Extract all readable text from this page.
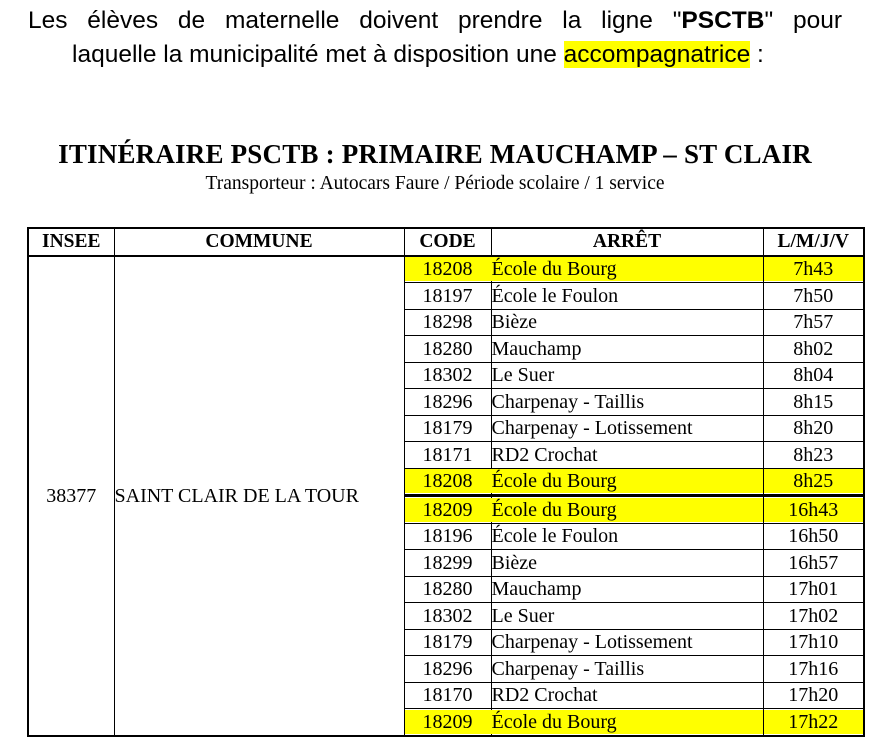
Les élèves de maternelle doivent prendre la ligne "PSCTB" pour
laquelle la municipalité met à disposition une accompagnatrice :
ITINÉRAIRE PSCTB : PRIMAIRE MAUCHAMP – ST CLAIR
Transporteur : Autocars Faure / Période scolaire / 1 service
INSEE	COMMUNE	CODE	ARRÊT	L/M/J/V
38377	SAINT CLAIR DE LA TOUR	18208	École du Bourg	7h43
		18197	École le Foulon	7h50
		18298	Bièze	7h57
		18280	Mauchamp	8h02
		18302	Le Suer	8h04
		18296	Charpenay - Taillis	8h15
		18179	Charpenay - Lotissement	8h20
		18171	RD2 Crochat	8h23
		18208	École du Bourg	8h25
		18209	École du Bourg	16h43
		18196	École le Foulon	16h50
		18299	Bièze	16h57
		18280	Mauchamp	17h01
		18302	Le Suer	17h02
		18179	Charpenay - Lotissement	17h10
		18296	Charpenay - Taillis	17h16
		18170	RD2 Crochat	17h20
		18209	École du Bourg	17h22
